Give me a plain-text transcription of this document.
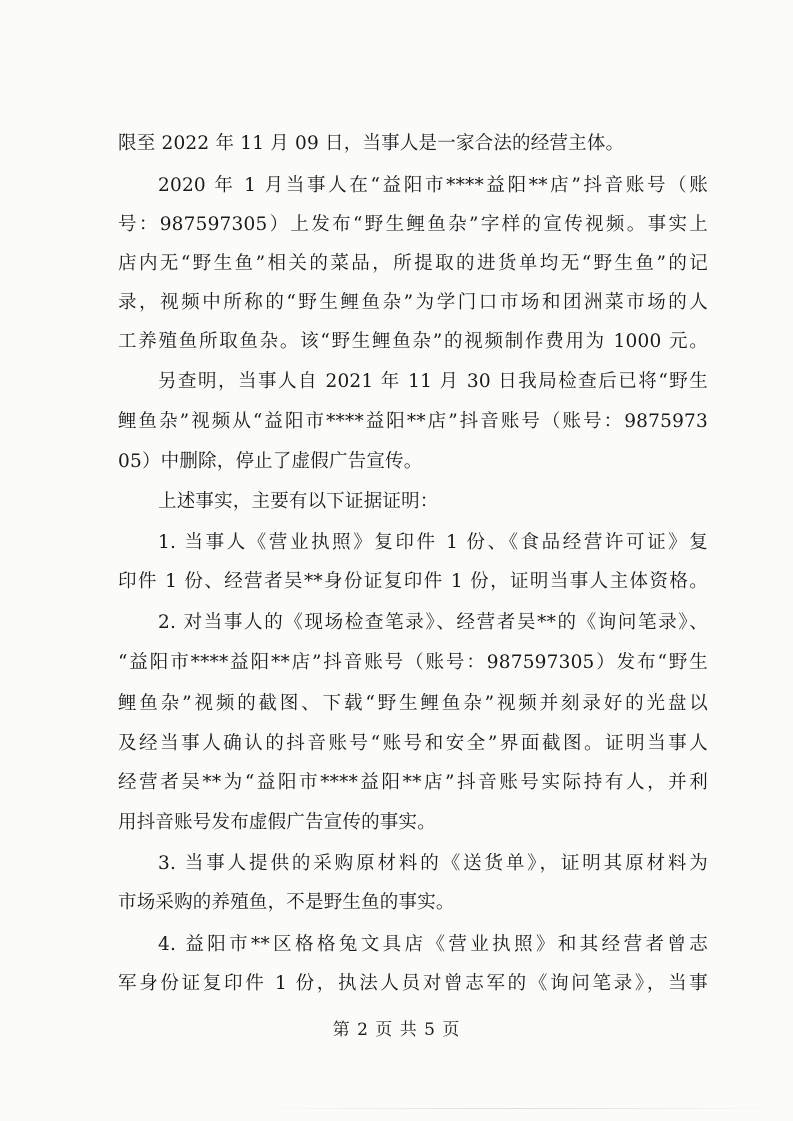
限至 2022 年 11 月 09 日，当事人是一家合法的经营主体。
2020 年 1 月当事人在“益阳市****益阳**店”抖音账号（账
号：987597305）上发布“野生鲤鱼杂”字样的宣传视频。事实上
店内无“野生鱼”相关的菜品，所提取的进货单均无“野生鱼”的记
录，视频中所称的“野生鲤鱼杂”为学门口市场和团洲菜市场的人
工养殖鱼所取鱼杂。该“野生鲤鱼杂”的视频制作费用为 1000 元。
另查明，当事人自 2021 年 11 月 30 日我局检查后已将“野生
鲤鱼杂”视频从“益阳市****益阳**店”抖音账号（账号：9875973
05）中删除，停止了虚假广告宣传。
上述事实，主要有以下证据证明：
1. 当事人《营业执照》复印件 1 份、《食品经营许可证》复
印件 1 份、经营者吴**身份证复印件 1 份，证明当事人主体资格。
2. 对当事人的《现场检查笔录》、经营者吴**的《询问笔录》、
“益阳市****益阳**店”抖音账号（账号：987597305）发布“野生
鲤鱼杂”视频的截图、下载“野生鲤鱼杂”视频并刻录好的光盘以
及经当事人确认的抖音账号“账号和安全”界面截图。证明当事人
经营者吴**为“益阳市****益阳**店”抖音账号实际持有人，并利
用抖音账号发布虚假广告宣传的事实。
3. 当事人提供的采购原材料的《送货单》，证明其原材料为
市场采购的养殖鱼，不是野生鱼的事实。
4. 益阳市**区格格兔文具店《营业执照》和其经营者曾志
军身份证复印件 1 份，执法人员对曾志军的《询问笔录》，当事
第 2 页 共 5 页
